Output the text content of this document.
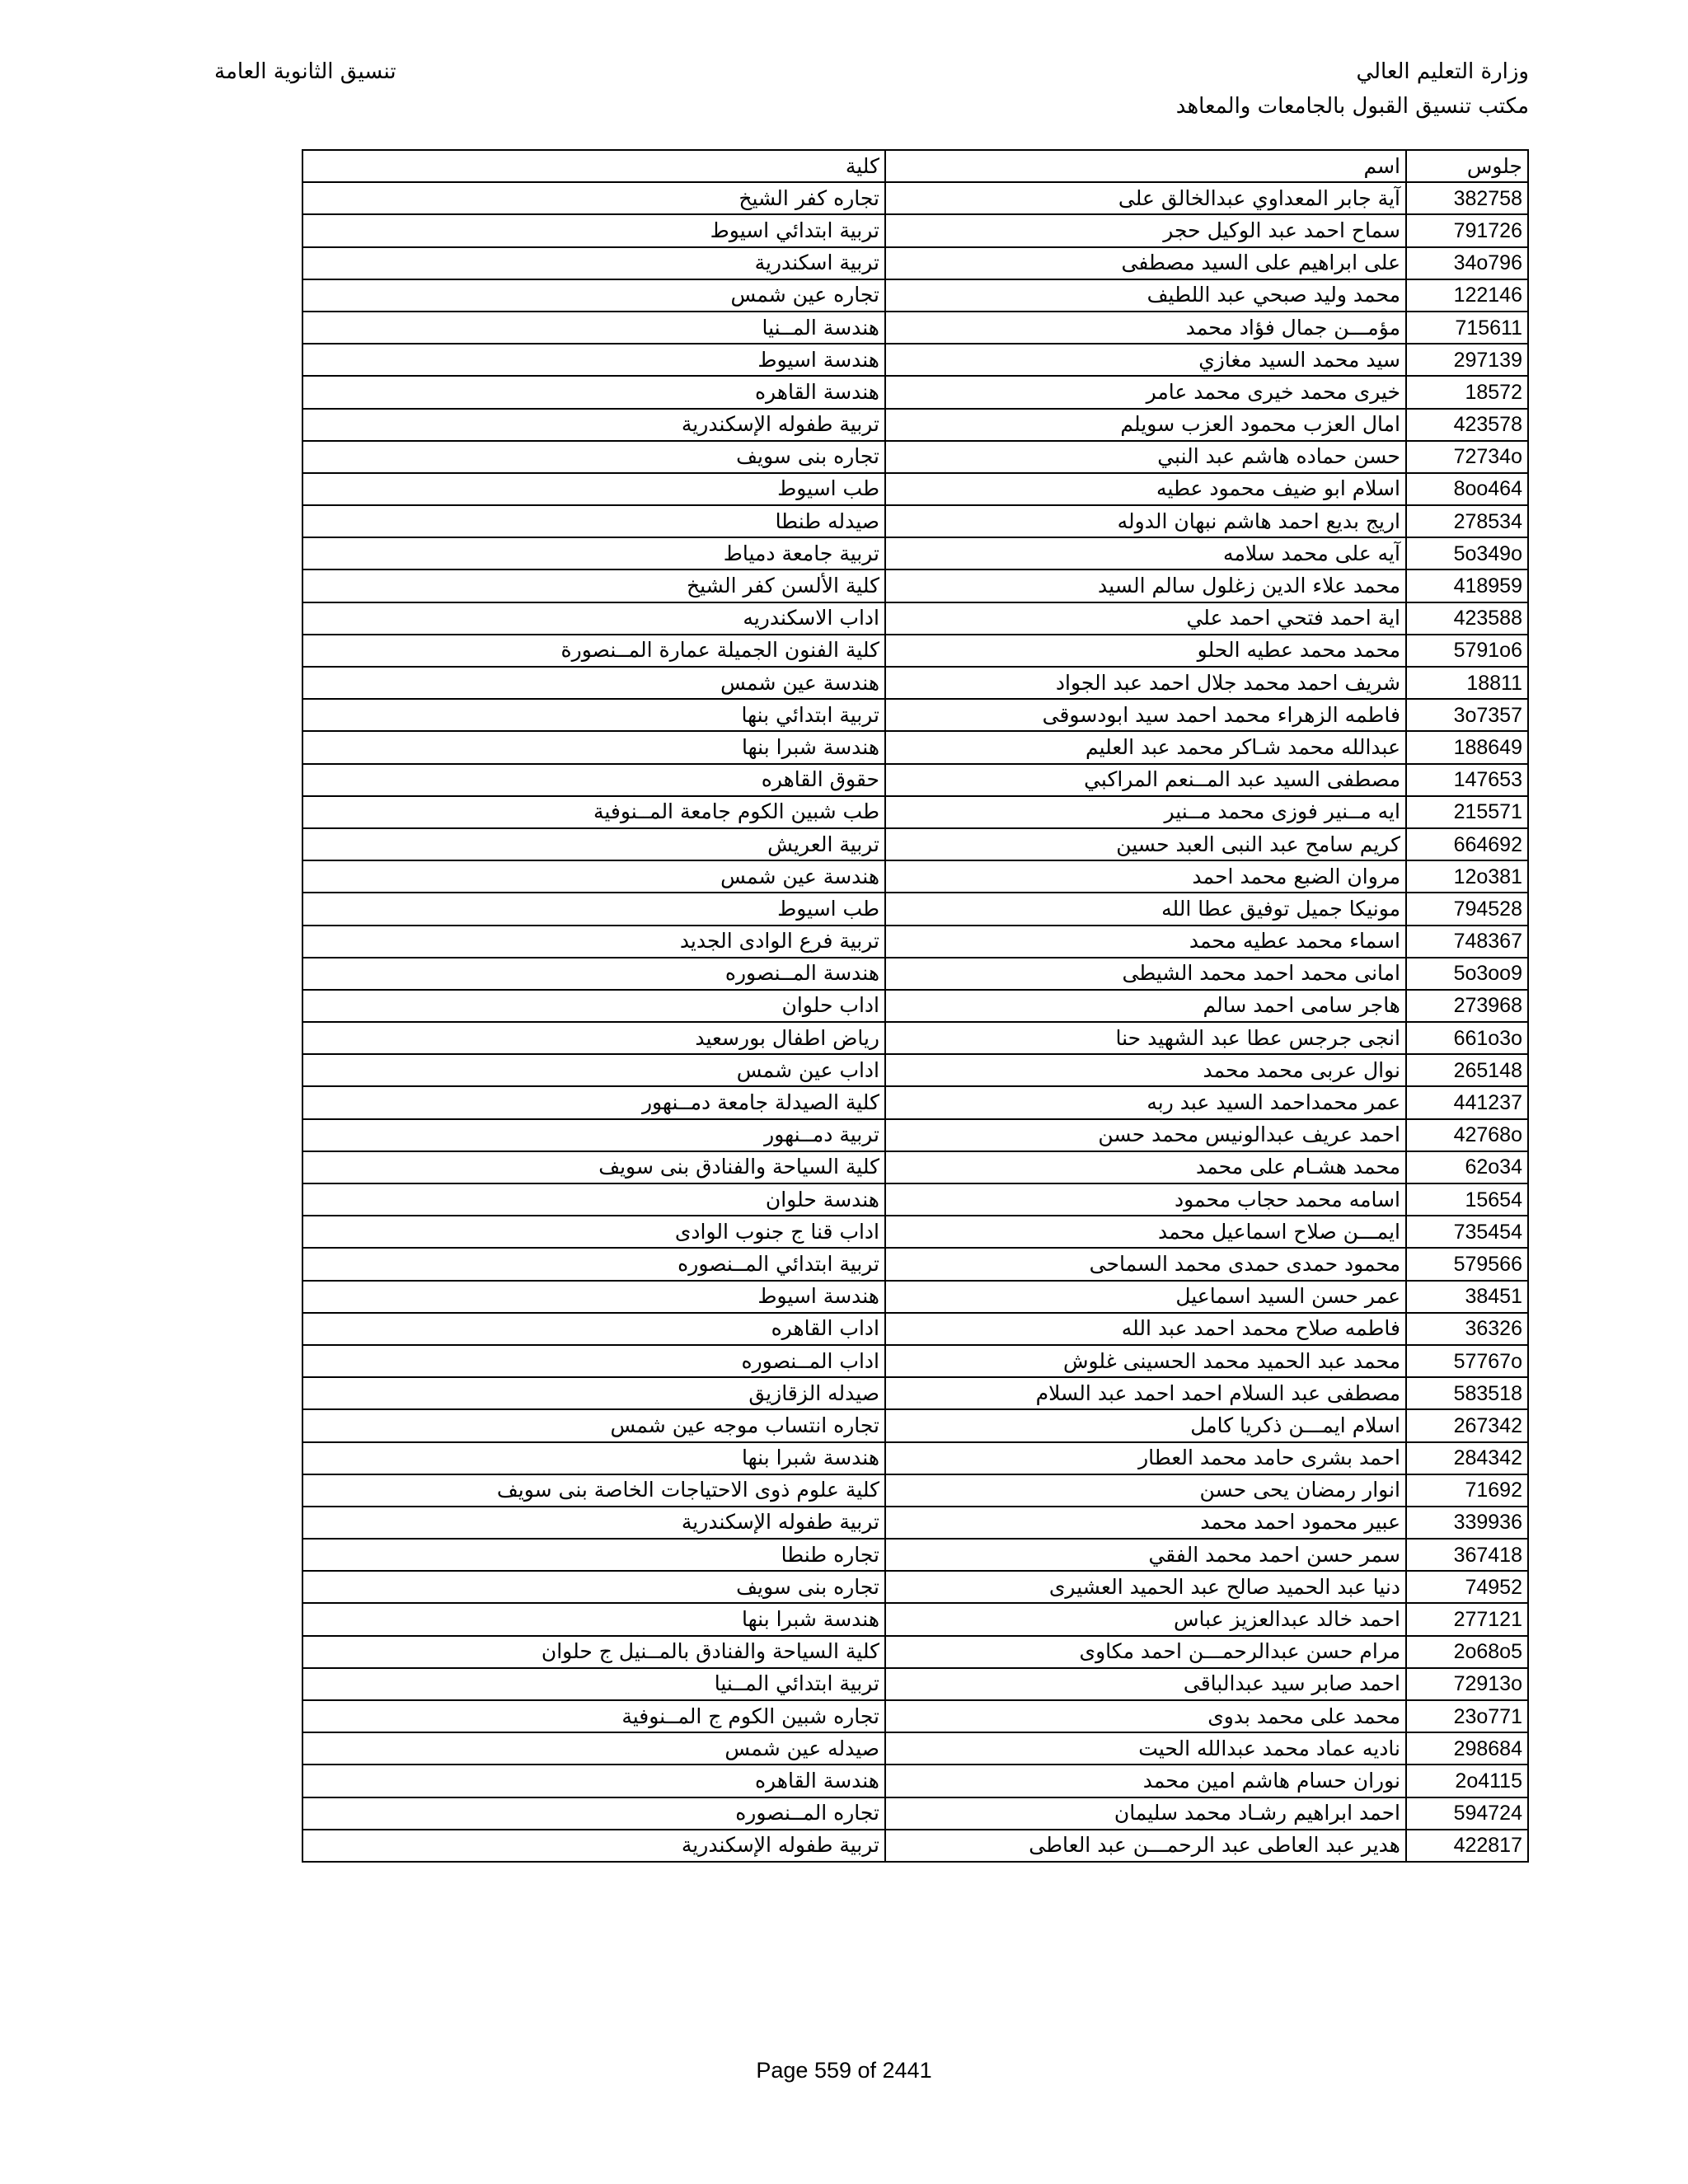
وزارة التعليم العالي
مكتب تنسيق القبول بالجامعات والمعاهد
تنسيق الثانوية العامة
جلوس	اسم	كلية
382758	آية جابر المعداوي عبدالخالق على	تجاره كفر الشيخ
791726	سماح احمد عبد الوكيل حجر	تربية ابتدائي اسيوط
34o796	على ابراهيم على السيد مصطفى	تربية اسكندرية
122146	محمد وليد صبحي عبد اللطيف	تجاره عين شمس
715611	مؤمـــن جمال فؤاد محمد	هندسة المــنيا
297139	سيد محمد السيد مغازي	هندسة اسيوط
18572	خيرى محمد خيرى محمد عامر	هندسة القاهره
423578	امال العزب محمود العزب سويلم	تربية طفوله الإسكندرية
72734o	حسن حماده هاشم عبد النبي	تجاره بنى سويف
8oo464	اسلام ابو ضيف محمود عطيه	طب اسيوط
278534	اريج بديع احمد هاشم نبهان الدوله	صيدله طنطا
5o349o	آيه على محمد سلامه	تربية جامعة دمياط
418959	محمد علاء الدين زغلول سالم السيد	كلية الألسن كفر الشيخ
423588	اية احمد فتحي احمد علي	اداب الاسكندريه
5791o6	محمد محمد عطيه الحلو	كلية الفنون الجميلة عمارة المــنصورة
18811	شريف احمد محمد جلال احمد عبد الجواد	هندسة عين شمس
3o7357	فاطمه الزهراء محمد احمد سيد ابودسوقى	تربية ابتدائي بنها
188649	عبدالله محمد شـاكر محمد عبد العليم	هندسة شبرا بنها
147653	مصطفى السيد عبد المــنعم المراكبي	حقوق القاهره
215571	ايه مــنير فوزى محمد مــنير	طب شبين الكوم جامعة المــنوفية
664692	كريم سامح عبد النبى العبد حسين	تربية العريش
12o381	مروان الضبع محمد احمد	هندسة عين شمس
794528	مونيكا جميل توفيق عطا الله	طب اسيوط
748367	اسماء محمد عطيه محمد	تربية فرع الوادى الجديد
5o3oo9	امانى محمد احمد محمد الشيطى	هندسة المــنصوره
273968	هاجر سامى احمد سالم	اداب حلوان
661o3o	انجى جرجس عطا عبد الشهيد حنا	رياض اطفال بورسعيد
265148	نوال عربى محمد محمد	اداب عين شمس
441237	عمر محمداحمد السيد عبد ربه	كلية الصيدلة جامعة دمــنهور
42768o	احمد عريف عبدالونيس محمد حسن	تربية دمــنهور
62o34	محمد هشـام على محمد	كلية السياحة والفنادق بنى سويف
15654	اسامه محمد حجاب محمود	هندسة حلوان
735454	ايمـــن صلاح اسماعيل محمد	اداب قنا ج جنوب الوادى
579566	محمود حمدى حمدى محمد السماحى	تربية ابتدائي المــنصوره
38451	عمر حسن السيد اسماعيل	هندسة اسيوط
36326	فاطمه صلاح محمد احمد عبد الله	اداب القاهره
57767o	محمد عبد الحميد محمد الحسينى غلوش	اداب المــنصوره
583518	مصطفى عبد السلام احمد احمد عبد السلام	صيدله الزقازيق
267342	اسلام ايمـــن ذكريا كامل	تجاره انتساب موجه عين شمس
284342	احمد بشرى حامد محمد العطار	هندسة شبرا بنها
71692	انوار رمضان يحى حسن	كلية علوم ذوى الاحتياجات الخاصة بنى سويف
339936	عبير محمود احمد محمد	تربية طفوله الإسكندرية
367418	سمر حسن احمد محمد الفقي	تجاره طنطا
74952	دنيا عبد الحميد صالح عبد الحميد العشيرى	تجاره بنى سويف
277121	احمد خالد عبدالعزيز عباس	هندسة شبرا بنها
2o68o5	مرام حسن عبدالرحمـــن احمد مكاوى	كلية السياحة والفنادق بالمــنيل ج حلوان
72913o	احمد صابر سيد عبدالباقى	تربية ابتدائي المــنيا
23o771	محمد على محمد بدوى	تجاره شبين الكوم ج المــنوفية
298684	ناديه عماد محمد عبدالله الحيت	صيدله عين شمس
2o4115	نوران حسام هاشم امين محمد	هندسة القاهره
594724	احمد ابراهيم رشـاد محمد سليمان	تجاره المــنصوره
422817	هدير عبد العاطى عبد الرحمـــن عبد العاطى	تربية طفوله الإسكندرية
Page 559 of 2441
